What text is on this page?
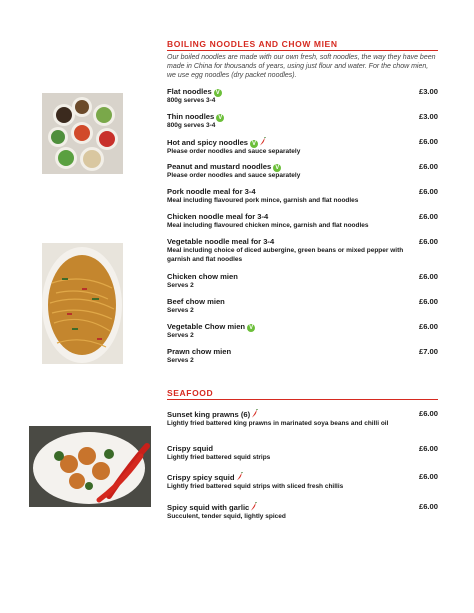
BOILING NOODLES AND CHOW MIEN
Our boiled noodles are made with our own fresh, soft noodles, the way they have been made in China for thousands of years, using just flour and water. For the chow mien, we use egg noodles (dry packet noodles).
Flat noodles V
800g serves 3-4
£3.00
Thin noodles V
800g serves 3-4
£3.00
Hot and spicy noodles V
Please order noodles and sauce separately
£6.00
Peanut and mustard noodles V
Please order noodles and sauce separately
£6.00
Pork noodle meal for 3-4
Meal including flavoured pork mince, garnish and flat noodles
£6.00
Chicken noodle meal for 3-4
Meal including flavoured chicken mince, garnish and flat noodles
£6.00
Vegetable noodle meal for 3-4
Meal including choice of diced aubergine, green beans or mixed pepper with garnish and flat noodles
£6.00
Chicken chow mien
Serves 2
£6.00
Beef chow mien
Serves 2
£6.00
Vegetable Chow mien V
Serves 2
£6.00
Prawn chow mien
Serves 2
£7.00
SEAFOOD
Sunset king prawns (6)
Lightly fried battered king prawns in marinated soya beans and chilli oil
£6.00
Crispy squid
Lightly fried battered squid strips
£6.00
Crispy spicy squid
Lightly fried battered squid strips with sliced fresh chillis
£6.00
Spicy squid with garlic
Succulent, tender squid, lightly spiced
£6.00
